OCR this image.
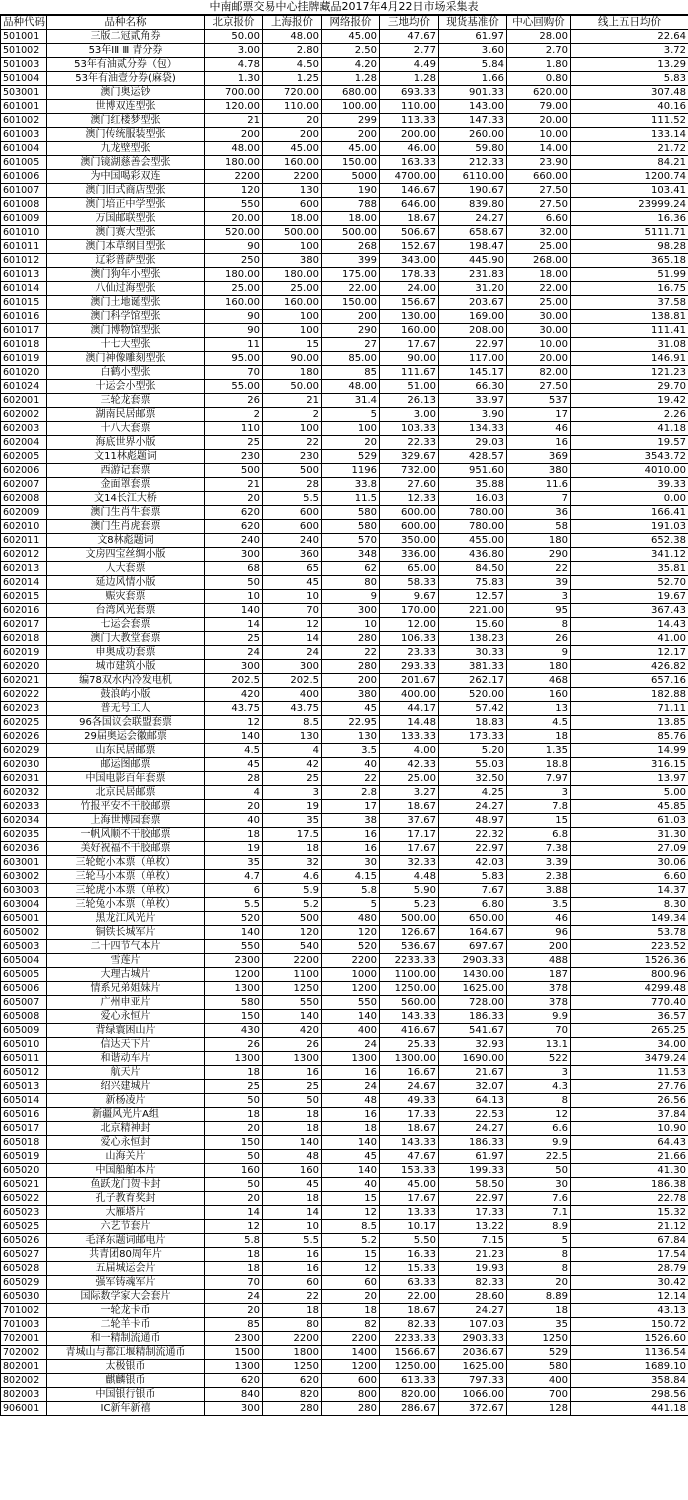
中南邮票交易中心挂牌藏品2017年4月22日市场采集表
品种代码	品种名称	北京报价	上海报价	网络报价	三地均价	现货基准价	中心回购价	线上五日均价
501001	三版二冠贰角券	50.00	48.00	45.00	47.67	61.97	28.00	22.64
501002	53年ⅠⅡ Ⅲ 青分券	3.00	2.80	2.50	2.77	3.60	2.70	3.72
501003	53年有油贰分券（包）	4.78	4.50	4.20	4.49	5.84	1.80	13.29
501004	53年有油壹分券(麻袋)	1.30	1.25	1.28	1.28	1.66	0.80	5.83
503001	澳门奥运钞	700.00	720.00	680.00	693.33	901.33	620.00	307.48
601001	世博双连型张	120.00	110.00	100.00	110.00	143.00	79.00	40.16
601002	澳门红楼梦型张	21	20	299	113.33	147.33	20.00	111.52
601003	澳门传统服装型张	200	200	200	200.00	260.00	10.00	133.14
601004	九龙壁型张	48.00	45.00	45.00	46.00	59.80	14.00	21.72
601005	澳门镜湖慈善会型张	180.00	160.00	150.00	163.33	212.33	23.90	84.21
601006	为中国喝彩双连	2200	2200	5000	4700.00	6110.00	660.00	1200.74
601007	澳门旧式商店型张	120	130	190	146.67	190.67	27.50	103.41
601008	澳门培正中学型张	550	600	788	646.00	839.80	27.50	23999.24
601009	万国邮联型张	20.00	18.00	18.00	18.67	24.27	6.60	16.36
601010	澳门赛大型张	520.00	500.00	500.00	506.67	658.67	32.00	5111.71
601011	澳门本草纲目型张	90	100	268	152.67	198.47	25.00	98.28
601012	辽彩普萨型张	250	380	399	343.00	445.90	268.00	365.18
601013	澳门狗年小型张	180.00	180.00	175.00	178.33	231.83	18.00	51.99
601014	八仙过海型张	25.00	25.00	22.00	24.00	31.20	22.00	16.75
601015	澳门土地诞型张	160.00	160.00	150.00	156.67	203.67	25.00	37.58
601016	澳门科学馆型张	90	100	200	130.00	169.00	30.00	138.81
601017	澳门博物馆型张	90	100	290	160.00	208.00	30.00	111.41
601018	十七大型张	11	15	27	17.67	22.97	10.00	31.08
601019	澳门神像雕刻型张	95.00	90.00	85.00	90.00	117.00	20.00	146.91
601020	白鹤小型张	70	180	85	111.67	145.17	82.00	121.23
601024	十运会小型张	55.00	50.00	48.00	51.00	66.30	27.50	29.70
602001	三轮龙套票	26	21	31.4	26.13	33.97	537	19.42
602002	湖南民居邮票	2	2	5	3.00	3.90	17	2.26
602003	十八大套票	110	100	100	103.33	134.33	46	41.18
602004	海底世界小版	25	22	20	22.33	29.03	16	19.57
602005	文11林彪题词	230	230	529	329.67	428.57	369	3543.72
602006	西游记套票	500	500	1196	732.00	951.60	380	4010.00
602007	金面罩套票	21	28	33.8	27.60	35.88	11.6	39.33
602008	文14长江大桥	20	5.5	11.5	12.33	16.03	7	0.00
602009	澳门生肖牛套票	620	600	580	600.00	780.00	36	166.41
602010	澳门生肖虎套票	620	600	580	600.00	780.00	58	191.03
602011	文8林彪题词	240	240	570	350.00	455.00	180	652.38
602012	文房四宝丝绸小版	300	360	348	336.00	436.80	290	341.12
602013	人大套票	68	65	62	65.00	84.50	22	35.81
602014	延边风情小版	50	45	80	58.33	75.83	39	52.70
602015	赈灾套票	10	10	9	9.67	12.57	3	19.67
602016	台湾风光套票	140	70	300	170.00	221.00	95	367.43
602017	七运会套票	14	12	10	12.00	15.60	8	14.43
602018	澳门大教堂套票	25	14	280	106.33	138.23	26	41.00
602019	申奥成功套票	24	24	22	23.33	30.33	9	12.17
602020	城市建筑小版	300	300	280	293.33	381.33	180	426.82
602021	编78双水内冷发电机	202.5	202.5	200	201.67	262.17	468	657.16
602022	鼓浪屿小版	420	400	380	400.00	520.00	160	182.88
602023	普无号工人	43.75	43.75	45	44.17	57.42	13	71.11
602025	96各国议会联盟套票	12	8.5	22.95	14.48	18.83	4.5	13.85
602026	29届奥运会徽邮票	140	130	130	133.33	173.33	18	85.76
602029	山东民居邮票	4.5	4	3.5	4.00	5.20	1.35	14.99
602030	邮运图邮票	45	42	40	42.33	55.03	18.8	316.15
602031	中国电影百年套票	28	25	22	25.00	32.50	7.97	13.97
602032	北京民居邮票	4	3	2.8	3.27	4.25	3	5.00
602033	竹报平安不干胶邮票	20	19	17	18.67	24.27	7.8	45.85
602034	上海世博园套票	40	35	38	37.67	48.97	15	61.03
602035	一帆风顺不干胶邮票	18	17.5	16	17.17	22.32	6.8	31.30
602036	美好祝福不干胶邮票	19	18	16	17.67	22.97	7.38	27.09
603001	三轮蛇小本票（单枚）	35	32	30	32.33	42.03	3.39	30.06
603002	三轮马小本票（单枚）	4.7	4.6	4.15	4.48	5.83	2.38	6.60
603003	三轮虎小本票（单枚）	6	5.9	5.8	5.90	7.67	3.88	14.37
603004	三轮兔小本票（单枚）	5.5	5.2	5	5.23	6.80	3.5	8.30
605001	黑龙江风光片	520	500	480	500.00	650.00	46	149.34
605002	铜铁长城军片	140	120	120	126.67	164.67	96	53.78
605003	二十四节气本片	550	540	520	536.67	697.67	200	223.52
605004	雪莲片	2300	2200	2200	2233.33	2903.33	488	1526.36
605005	大理古城片	1200	1100	1000	1100.00	1430.00	187	800.96
605006	情系兄弟姐妹片	1300	1250	1200	1250.00	1625.00	378	4299.48
605007	广州申亚片	580	550	550	560.00	728.00	378	770.40
605008	爱心永恒片	150	140	140	143.33	186.33	9.9	36.57
605009	背绿寰困山片	430	420	400	416.67	541.67	70	265.25
605010	信达天下片	26	26	24	25.33	32.93	13.1	34.00
605011	和谐动车片	1300	1300	1300	1300.00	1690.00	522	3479.24
605012	航天片	18	16	16	16.67	21.67	3	11.53
605013	绍兴建城片	25	25	24	24.67	32.07	4.3	27.76
605014	新杨凌片	50	50	48	49.33	64.13	8	26.56
605016	新疆风光片A组	18	18	16	17.33	22.53	12	37.84
605017	北京精神封	20	18	18	18.67	24.27	6.6	10.90
605018	爱心永恒封	150	140	140	143.33	186.33	9.9	64.43
605019	山海关片	50	48	45	47.67	61.97	22.5	21.66
605020	中国船舶本片	160	160	140	153.33	199.33	50	41.30
605021	鱼跃龙门贺卡封	50	45	40	45.00	58.50	30	186.38
605022	孔子教育奖封	20	18	15	17.67	22.97	7.6	22.78
605023	大雁塔片	14	14	12	13.33	17.33	7.1	15.32
605025	六艺节套片	12	10	8.5	10.17	13.22	8.9	21.12
605026	毛泽东题词邮电片	5.8	5.5	5.2	5.50	7.15	5	67.84
605027	共青团80周年片	18	16	15	16.33	21.23	8	17.54
605028	五届城运会片	18	16	12	15.33	19.93	8	28.79
605029	强军铸魂军片	70	60	60	63.33	82.33	20	30.42
605030	国际数学家大会套片	24	22	20	22.00	28.60	8.89	12.14
701002	一轮龙卡币	20	18	18	18.67	24.27	18	43.13
701003	二轮羊卡币	85	80	82	82.33	107.03	35	150.72
702001	和一精制流通币	2300	2200	2200	2233.33	2903.33	1250	1526.60
702002	青城山与都江堰精制流通币	1500	1800	1400	1566.67	2036.67	529	1136.54
802001	太极银币	1300	1250	1200	1250.00	1625.00	580	1689.10
802002	麒麟银币	620	620	600	613.33	797.33	400	358.84
802003	中国银行银币	840	820	800	820.00	1066.00	700	298.56
906001	IC新年新禧	300	280	280	286.67	372.67	128	441.18
